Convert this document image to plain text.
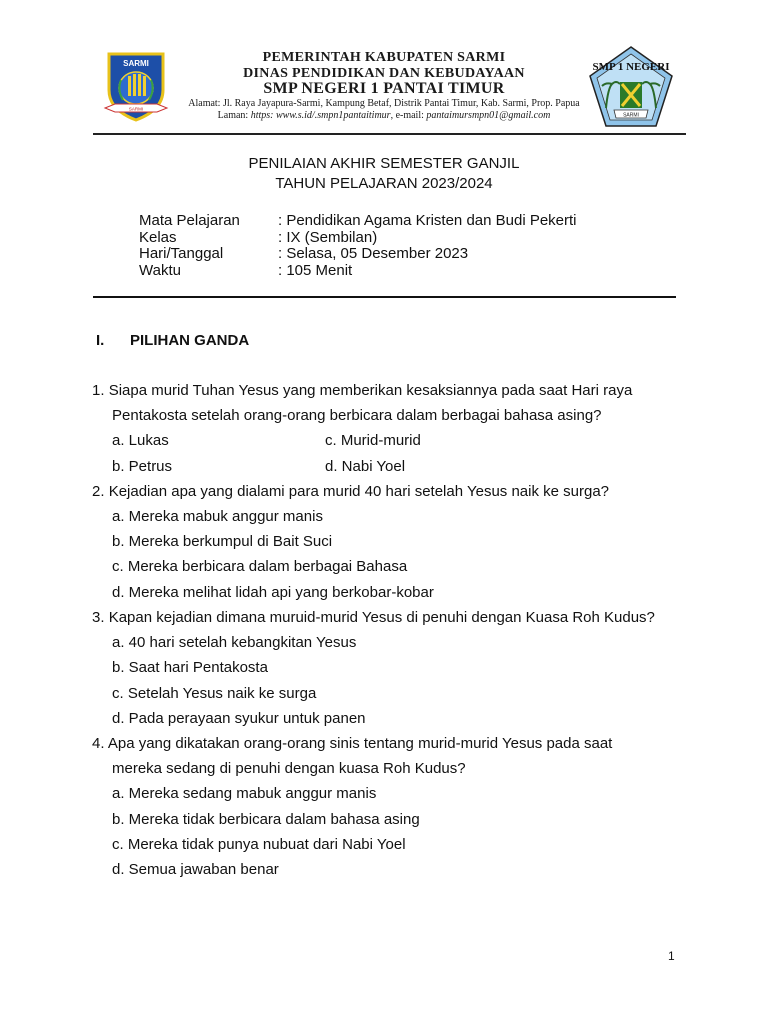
SARMI
SARMI
SMP 1 NEGERI
SARMI
PEMERINTAH KABUPATEN SARMI
DINAS PENDIDIKAN DAN KEBUDAYAAN
SMP NEGERI 1 PANTAI TIMUR
Alamat: Jl. Raya Jayapura-Sarmi, Kampung Betaf, Distrik Pantai Timur, Kab. Sarmi, Prop. Papua
Laman: https: www.s.id/.smpn1pantaitimur, e-mail: pantaimursmpn01@gmail.com
PENILAIAN AKHIR SEMESTER GANJIL
TAHUN PELAJARAN 2023/2024
Mata Pelajaran	: Pendidikan Agama Kristen dan Budi Pekerti
Kelas	: IX (Sembilan)
Hari/Tanggal	: Selasa, 05 Desember 2023
Waktu	: 105 Menit
I. PILIHAN GANDA
1. Siapa murid Tuhan Yesus yang memberikan kesaksiannya pada saat Hari raya
Pentakosta setelah orang-orang berbicara dalam berbagai bahasa asing?
a. Lukas
b. Petrus
c. Murid-murid
d. Nabi Yoel
2. Kejadian apa yang dialami para murid 40 hari setelah Yesus naik ke surga?
a. Mereka mabuk anggur manis
b. Mereka berkumpul di Bait Suci
c. Mereka berbicara dalam berbagai Bahasa
d. Mereka melihat lidah api yang berkobar-kobar
3. Kapan kejadian dimana muruid-murid Yesus di penuhi dengan Kuasa Roh Kudus?
a. 40 hari setelah kebangkitan Yesus
b. Saat hari Pentakosta
c. Setelah Yesus naik ke surga
d. Pada perayaan syukur untuk panen
4. Apa yang dikatakan orang-orang sinis tentang murid-murid Yesus pada saat
mereka sedang di penuhi dengan kuasa Roh Kudus?
a. Mereka sedang mabuk anggur manis
b. Mereka tidak berbicara dalam bahasa asing
c. Mereka tidak punya nubuat dari Nabi Yoel
d. Semua jawaban benar
1
